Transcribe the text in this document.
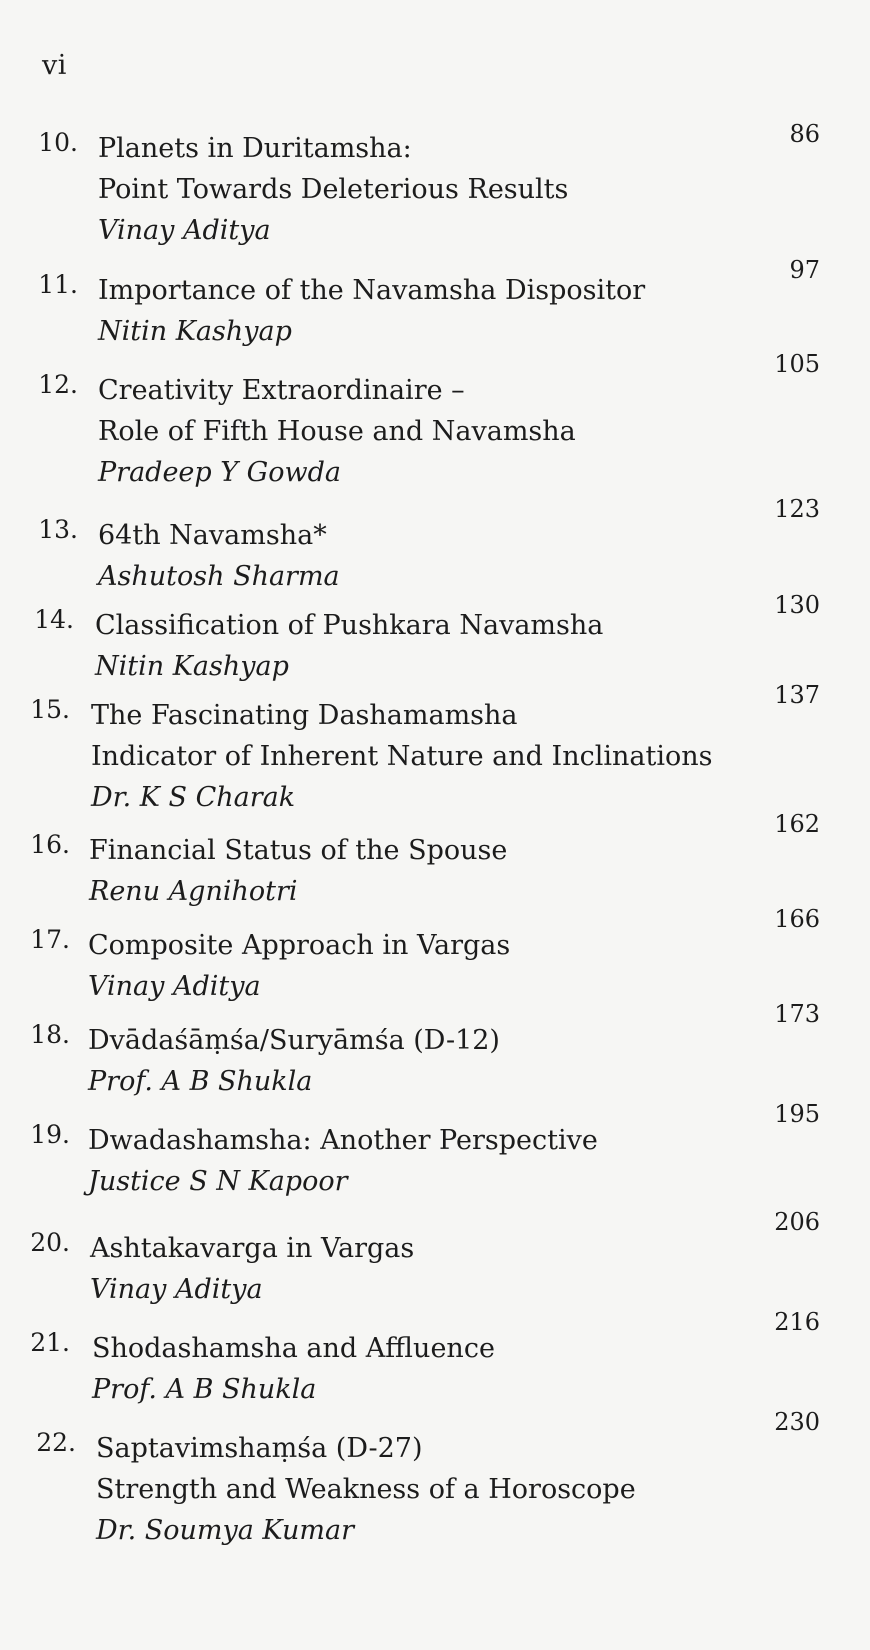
vi
10. Planets in Duritamsha:
Point Towards Deleterious Results
Vinay Aditya
86
11. Importance of the Navamsha Dispositor
Nitin Kashyap
97
12. Creativity Extraordinaire –
Role of Fifth House and Navamsha
Pradeep Y Gowda
105
13. 64th Navamsha*
Ashutosh Sharma
123
14. Classification of Pushkara Navamsha
Nitin Kashyap
130
15. The Fascinating Dashamamsha
Indicator of Inherent Nature and Inclinations
Dr. K S Charak
137
16. Financial Status of the Spouse
Renu Agnihotri
162
17. Composite Approach in Vargas
Vinay Aditya
166
18. Dvādaśāṃśa/Suryāmśa (D-12)
Prof. A B Shukla
173
19. Dwadashamsha: Another Perspective
Justice S N Kapoor
195
20. Ashtakavarga in Vargas
Vinay Aditya
206
21. Shodashamsha and Affluence
Prof. A B Shukla
216
22. Saptavimshaṃśa (D-27)
Strength and Weakness of a Horoscope
Dr. Soumya Kumar
230
